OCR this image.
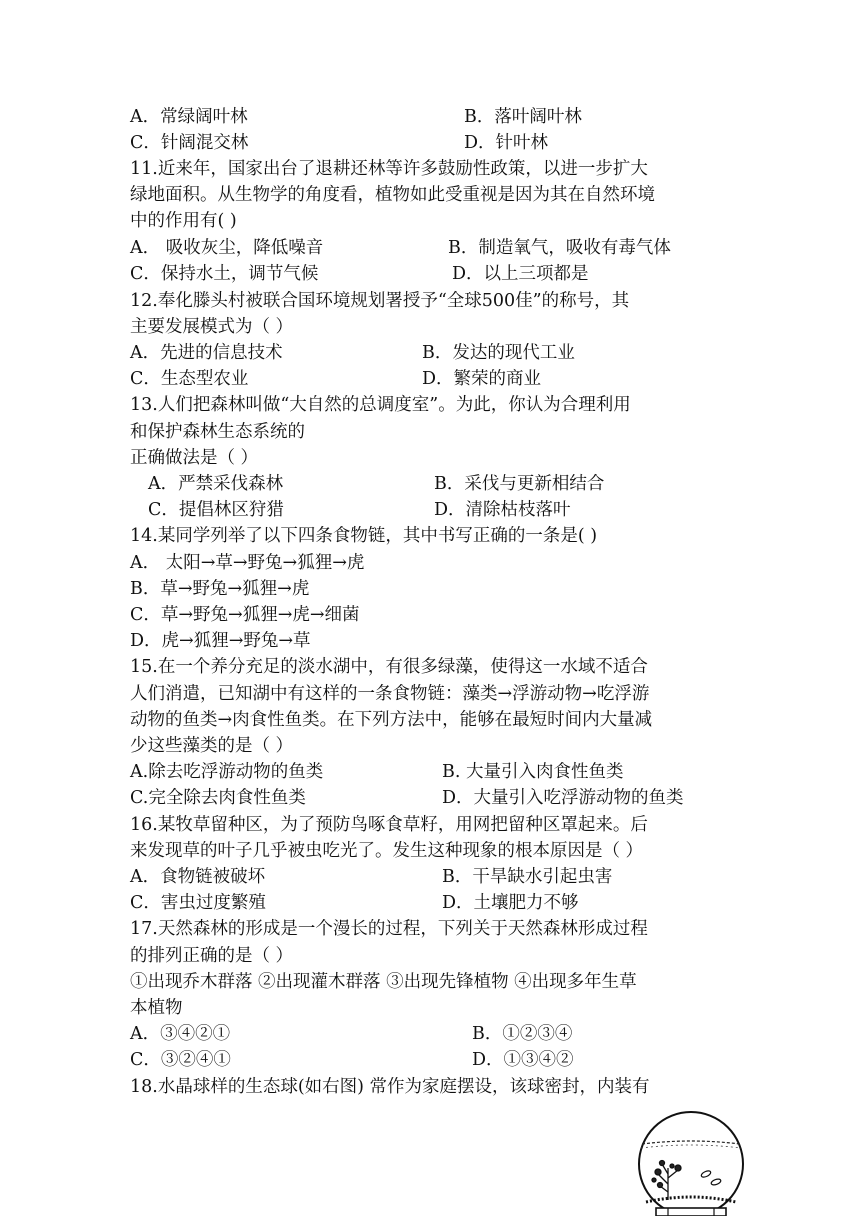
A．常绿阔叶林	B．落叶阔叶林
C．针阔混交林	D．针叶林
11.近来年，国家出台了退耕还林等许多鼓励性政策，以进一步扩大
绿地面积。从生物学的角度看，植物如此受重视是因为其在自然环境
中的作用有( )
A． 吸收灰尘，降低噪音	B．制造氧气，吸收有毒气体
C．保持水土，调节气候	D．以上三项都是
12.奉化滕头村被联合国环境规划署授予“全球500佳”的称号，其
主要发展模式为（ ）
A．先进的信息技术	B．发达的现代工业
C．生态型农业	D．繁荣的商业
13.人们把森林叫做“大自然的总调度室”。为此，你认为合理利用
和保护森林生态系统的
正确做法是（ ）
A．严禁采伐森林	B．采伐与更新相结合
C．提倡林区狩猎	D．清除枯枝落叶
14.某同学列举了以下四条食物链，其中书写正确的一条是( )
A． 太阳→草→野兔→狐狸→虎
B．草→野兔→狐狸→虎
C．草→野兔→狐狸→虎→细菌
D．虎→狐狸→野兔→草
15.在一个养分充足的淡水湖中，有很多绿藻，使得这一水域不适合
人们消遣，已知湖中有这样的一条食物链：藻类→浮游动物→吃浮游
动物的鱼类→肉食性鱼类。在下列方法中，能够在最短时间内大量减
少这些藻类的是（ ）
A.除去吃浮游动物的鱼类	B. 大量引入肉食性鱼类
C.完全除去肉食性鱼类	D．大量引入吃浮游动物的鱼类
16.某牧草留种区，为了预防鸟啄食草籽，用网把留种区罩起来。后
来发现草的叶子几乎被虫吃光了。发生这种现象的根本原因是（ ）
A．食物链被破坏	B．干旱缺水引起虫害
C．害虫过度繁殖	D．土壤肥力不够
17.天然森林的形成是一个漫长的过程，下列关于天然森林形成过程
的排列正确的是（ ）
①出现乔木群落 ②出现灌木群落 ③出现先锋植物 ④出现多年生草
本植物
A．③④②①	B．①②③④
C．③②④①	D．①③④②
18.水晶球样的生态球(如右图) 常作为家庭摆设，该球密封，内装有
